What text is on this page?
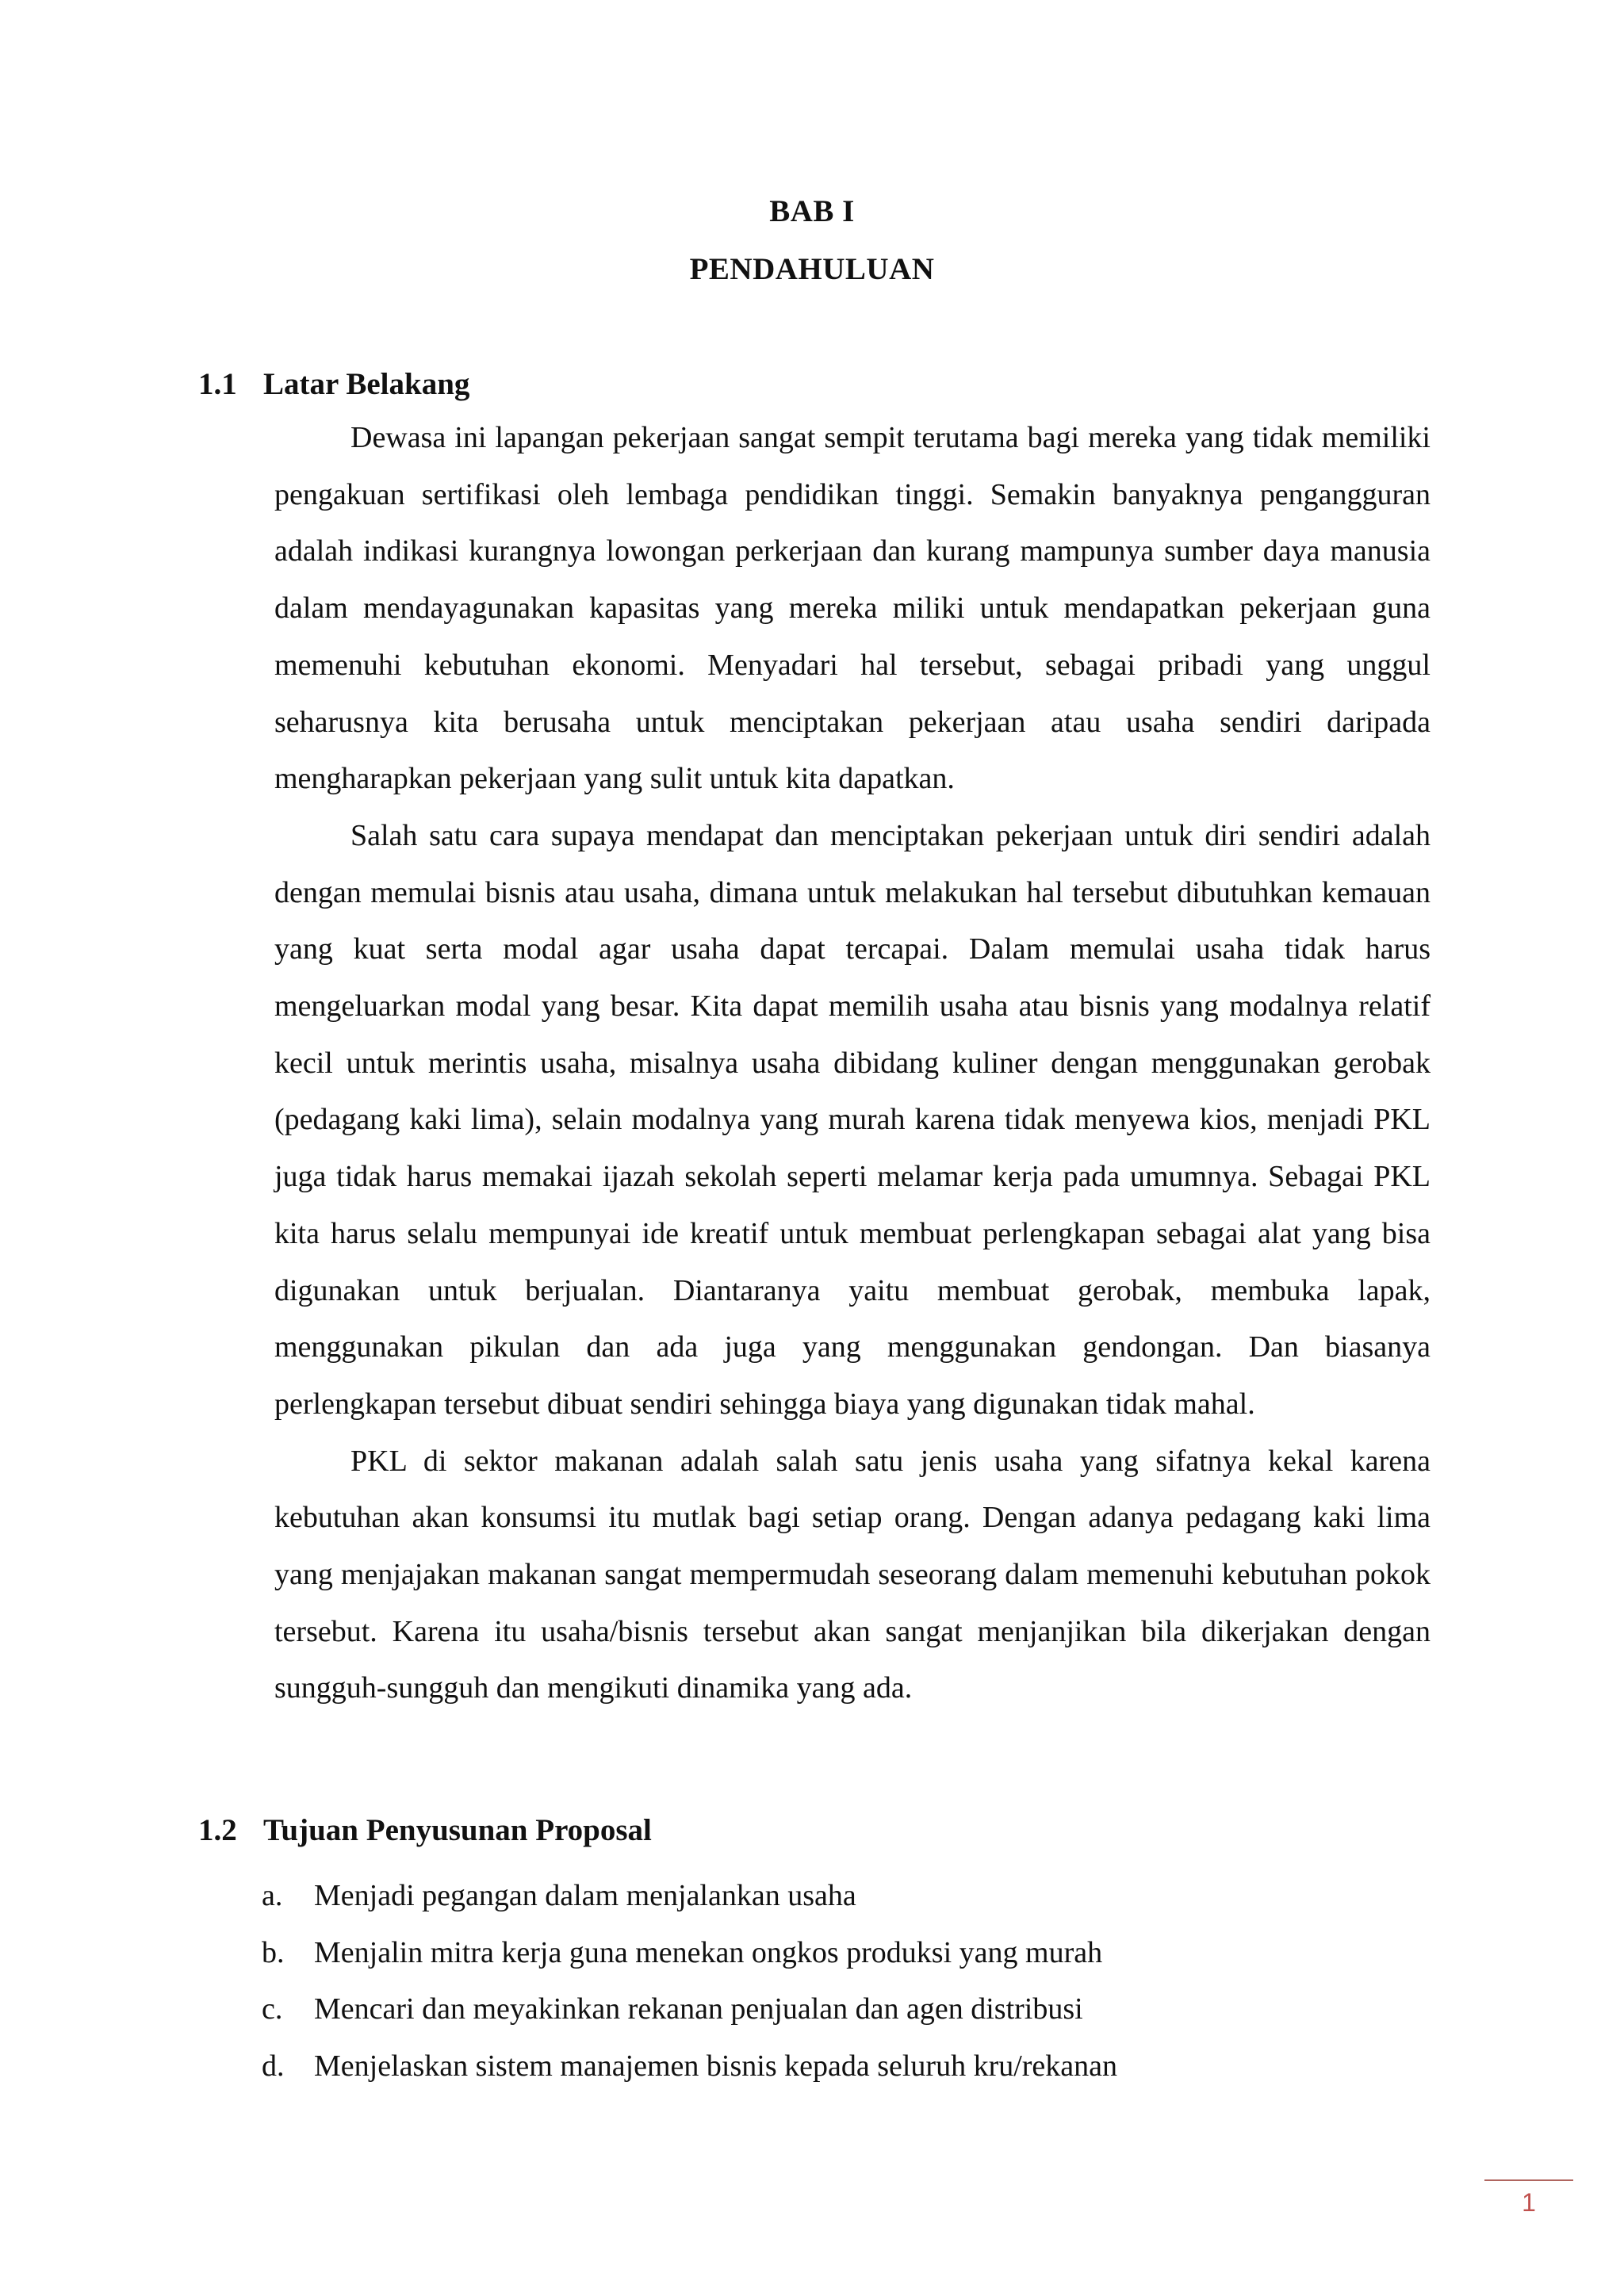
BAB I
PENDAHULUAN
1.1 Latar Belakang

Dewasa ini lapangan pekerjaan sangat sempit terutama bagi mereka yang tidak memiliki pengakuan sertifikasi oleh lembaga pendidikan tinggi. Semakin banyaknya pengangguran adalah indikasi kurangnya lowongan perkerjaan dan kurang mampunya sumber daya manusia dalam mendayagunakan kapasitas yang mereka miliki untuk mendapatkan pekerjaan guna memenuhi kebutuhan ekonomi. Menyadari hal tersebut, sebagai pribadi yang unggul seharusnya kita berusaha untuk menciptakan pekerjaan atau usaha sendiri daripada mengharapkan pekerjaan yang sulit untuk kita dapatkan.

Salah satu cara supaya mendapat dan menciptakan pekerjaan untuk diri sendiri adalah dengan memulai bisnis atau usaha, dimana untuk melakukan hal tersebut dibutuhkan kemauan yang kuat serta modal agar usaha dapat tercapai. Dalam memulai usaha tidak harus mengeluarkan modal yang besar. Kita dapat memilih usaha atau bisnis yang modalnya relatif kecil untuk merintis usaha, misalnya usaha dibidang kuliner dengan menggunakan gerobak (pedagang kaki lima), selain modalnya yang murah karena tidak menyewa kios, menjadi PKL juga tidak harus memakai ijazah sekolah seperti melamar kerja pada umumnya. Sebagai PKL kita harus selalu mempunyai ide kreatif untuk membuat perlengkapan sebagai alat yang bisa digunakan untuk berjualan. Diantaranya yaitu membuat gerobak, membuka lapak, menggunakan pikulan dan ada juga yang menggunakan gendongan. Dan biasanya perlengkapan tersebut dibuat sendiri sehingga biaya yang digunakan tidak mahal.

PKL di sektor makanan adalah salah satu jenis usaha yang sifatnya kekal karena kebutuhan akan konsumsi itu mutlak bagi setiap orang. Dengan adanya pedagang kaki lima yang menjajakan makanan sangat mempermudah seseorang dalam memenuhi kebutuhan pokok tersebut. Karena itu usaha/bisnis tersebut akan sangat menjanjikan bila dikerjakan dengan sungguh-sungguh dan mengikuti dinamika yang ada.

1.2 Tujuan Penyusunan Proposal
a. Menjadi pegangan dalam menjalankan usaha
b. Menjalin mitra kerja guna menekan ongkos produksi yang murah
c. Mencari dan meyakinkan rekanan penjualan dan agen distribusi
d. Menjelaskan sistem manajemen bisnis kepada seluruh kru/rekanan
1
